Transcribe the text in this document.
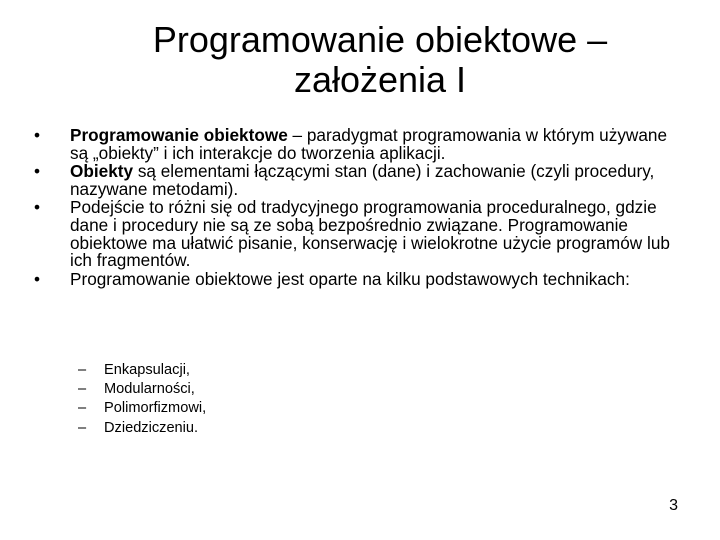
Programowanie obiektowe –
założenia I
• Programowanie obiektowe – paradygmat programowania w którym używane są „obiekty” i ich interakcje do tworzenia aplikacji.
• Obiekty są elementami łączącymi stan (dane) i zachowanie (czyli procedury, nazywane metodami).
• Podejście to różni się od tradycyjnego programowania proceduralnego, gdzie dane i procedury nie są ze sobą bezpośrednio związane. Programowanie obiektowe ma ułatwić pisanie, konserwację i wielokrotne użycie programów lub ich fragmentów.
• Programowanie obiektowe jest oparte na kilku podstawowych technikach:
– Enkapsulacji,
– Modularności,
– Polimorfizmowi,
– Dziedziczeniu.
3
